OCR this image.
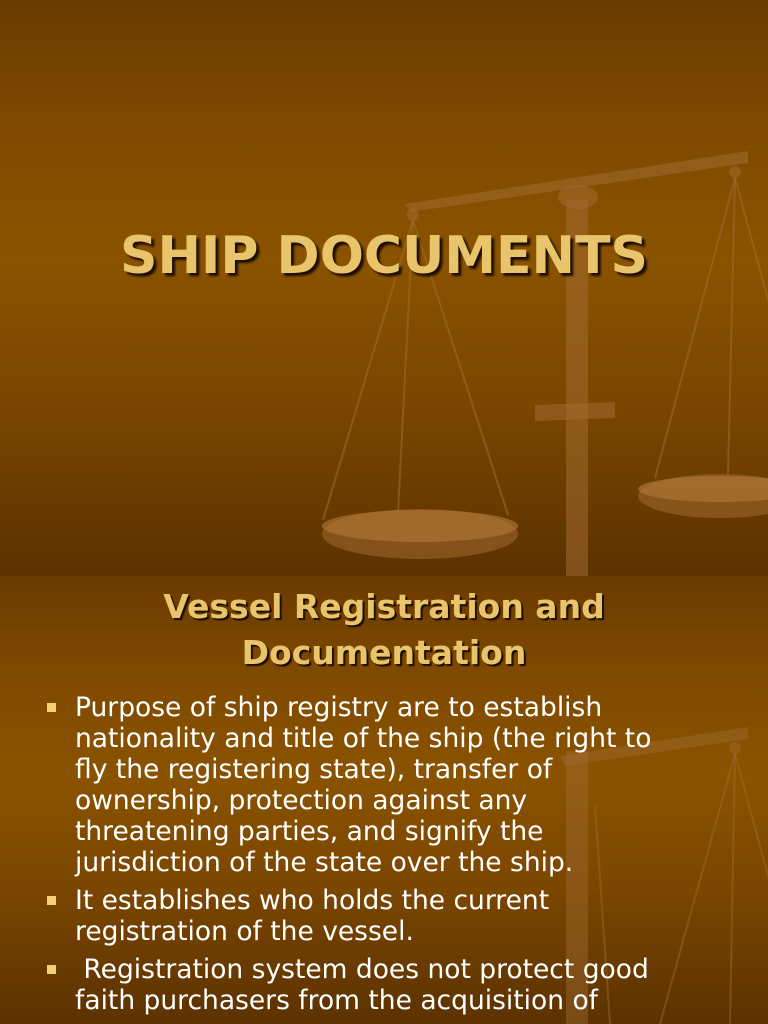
SHIP DOCUMENTS
Vessel Registration and
Documentation
Purpose of ship registry are to establish
nationality and title of the ship (the right to
fly the registering state), transfer of
ownership, protection against any
threatening parties, and signify the
jurisdiction of the state over the ship.
It establishes who holds the current
registration of the vessel.
Registration system does not protect good
faith purchasers from the acquisition of
